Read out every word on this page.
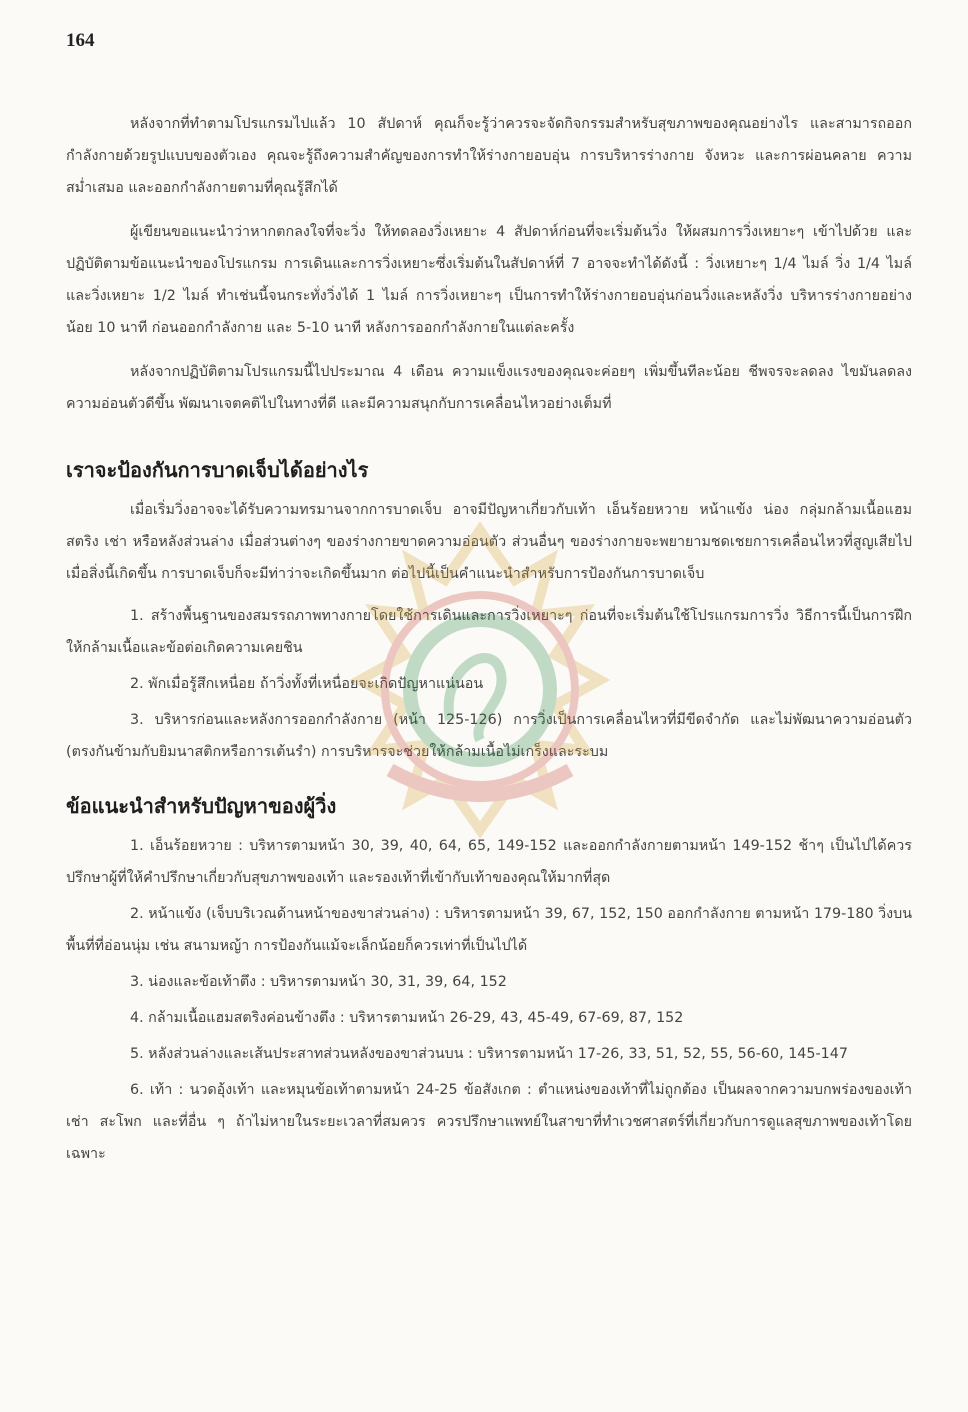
164

หลังจากที่ทำตามโปรแกรมไปแล้ว 10 สัปดาห์ คุณก็จะรู้ว่าควรจะจัดกิจกรรมสำหรับสุขภาพของคุณอย่างไร และสามารถออกกำลังกายด้วยรูปแบบของตัวเอง คุณจะรู้ถึงความสำคัญของการทำให้ร่างกายอบอุ่น การบริหารร่างกาย จังหวะ และการผ่อนคลาย ความสม่ำเสมอ และออกกำลังกายตามที่คุณรู้สึกได้

ผู้เขียนขอแนะนำว่าหากตกลงใจที่จะวิ่ง ให้ทดลองวิ่งเหยาะ 4 สัปดาห์ก่อนที่จะเริ่มต้นวิ่ง ให้ผสมการวิ่งเหยาะๆ เข้าไปด้วย และปฏิบัติตามข้อแนะนำของโปรแกรม การเดินและการวิ่งเหยาะซึ่งเริ่มต้นในสัปดาห์ที่ 7 อาจจะทำได้ดังนี้ : วิ่งเหยาะๆ 1/4 ไมล์ วิ่ง 1/4 ไมล์ และวิ่งเหยาะ 1/2 ไมล์ ทำเช่นนี้จนกระทั่งวิ่งได้ 1 ไมล์ การวิ่งเหยาะๆ เป็นการทำให้ร่างกายอบอุ่นก่อนวิ่งและหลังวิ่ง บริหารร่างกายอย่างน้อย 10 นาที ก่อนออกกำลังกาย และ 5-10 นาที หลังการออกกำลังกายในแต่ละครั้ง

หลังจากปฏิบัติตามโปรแกรมนี้ไปประมาณ 4 เดือน ความแข็งแรงของคุณจะค่อยๆ เพิ่มขึ้นทีละน้อย ชีพจรจะลดลง ไขมันลดลง ความอ่อนตัวดีขึ้น พัฒนาเจตคติไปในทางที่ดี และมีความสนุกกับการเคลื่อนไหวอย่างเต็มที่

เราจะป้องกันการบาดเจ็บได้อย่างไร

เมื่อเริ่มวิ่งอาจจะได้รับความทรมานจากการบาดเจ็บ อาจมีปัญหาเกี่ยวกับเท้า เอ็นร้อยหวาย หน้าแข้ง น่อง กลุ่มกล้ามเนื้อแฮมสตริง เช่า หรือหลังส่วนล่าง เมื่อส่วนต่างๆ ของร่างกายขาดความอ่อนตัว ส่วนอื่นๆ ของร่างกายจะพยายามชดเชยการเคลื่อนไหวที่สูญเสียไป เมื่อสิ่งนี้เกิดขึ้น การบาดเจ็บก็จะมีท่าว่าจะเกิดขึ้นมาก ต่อไปนี้เป็นคำแนะนำสำหรับการป้องกันการบาดเจ็บ

1. สร้างพื้นฐานของสมรรถภาพทางกายโดยใช้การเดินและการวิ่งเหยาะๆ ก่อนที่จะเริ่มต้นใช้โปรแกรมการวิ่ง วิธีการนี้เป็นการฝึกให้กล้ามเนื้อและข้อต่อเกิดความเคยชิน

2. พักเมื่อรู้สึกเหนื่อย ถ้าวิ่งทั้งที่เหนื่อยจะเกิดปัญหาแน่นอน

3. บริหารก่อนและหลังการออกกำลังกาย (หน้า 125-126) การวิ่งเป็นการเคลื่อนไหวที่มีขีดจำกัด และไม่พัฒนาความอ่อนตัว (ตรงกันข้ามกับยิมนาสติกหรือการเต้นรำ) การบริหารจะช่วยให้กล้ามเนื้อไม่เกร็งและระบม

ข้อแนะนำสำหรับปัญหาของผู้วิ่ง

1. เอ็นร้อยหวาย : บริหารตามหน้า 30, 39, 40, 64, 65, 149-152 และออกกำลังกายตามหน้า 149-152 ช้าๆ เป็นไปได้ควรปรึกษาผู้ที่ให้คำปรึกษาเกี่ยวกับสุขภาพของเท้า และรองเท้าที่เข้ากับเท้าของคุณให้มากที่สุด

2. หน้าแข้ง (เจ็บบริเวณด้านหน้าของขาส่วนล่าง) : บริหารตามหน้า 39, 67, 152, 150 ออกกำลังกาย ตามหน้า 179-180 วิ่งบนพื้นที่ที่อ่อนนุ่ม เช่น สนามหญ้า การป้องกันแม้จะเล็กน้อยก็ควรเท่าที่เป็นไปได้

3. น่องและข้อเท้าตึง : บริหารตามหน้า 30, 31, 39, 64, 152

4. กล้ามเนื้อแฮมสตริงค่อนข้างตึง : บริหารตามหน้า 26-29, 43, 45-49, 67-69, 87, 152

5. หลังส่วนล่างและเส้นประสาทส่วนหลังของขาส่วนบน : บริหารตามหน้า 17-26, 33, 51, 52, 55, 56-60, 145-147

6. เท้า : นวดอุ้งเท้า และหมุนข้อเท้าตามหน้า 24-25 ข้อสังเกต : ตำแหน่งของเท้าที่ไม่ถูกต้อง เป็นผลจากความบกพร่องของเท้า เช่า สะโพก และที่อื่น ๆ ถ้าไม่หายในระยะเวลาที่สมควร ควรปรึกษาแพทย์ในสาขาที่ทำเวชศาสตร์ที่เกี่ยวกับการดูแลสุขภาพของเท้าโดยเฉพาะ
